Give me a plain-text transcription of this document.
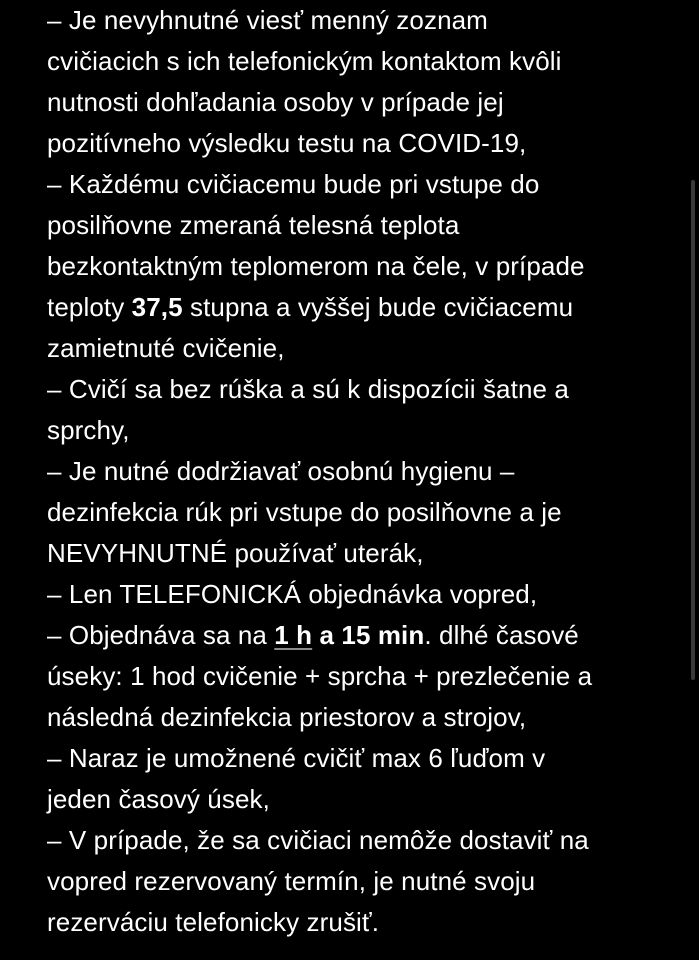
– Je nevyhnutné viesť menný zoznam
cvičiacich s ich telefonickým kontaktom kvôli
nutnosti dohľadania osoby v prípade jej
pozitívneho výsledku testu na COVID-19,
– Každému cvičiacemu bude pri vstupe do
posilňovne zmeraná telesná teplota
bezkontaktným teplomerom na čele, v prípade
teploty 37,5 stupna a vyššej bude cvičiacemu
zamietnuté cvičenie,
– Cvičí sa bez rúška a sú k dispozícii šatne a
sprchy,
– Je nutné dodržiavať osobnú hygienu –
dezinfekcia rúk pri vstupe do posilňovne a je
NEVYHNUTNÉ používať uterák,
– Len TELEFONICKÁ objednávka vopred,
– Objednáva sa na 1 h a 15 min. dlhé časové
úseky: 1 hod cvičenie + sprcha + prezlečenie a
následná dezinfekcia priestorov a strojov,
– Naraz je umožnené cvičiť max 6 ľuďom v
jeden časový úsek,
– V prípade, že sa cvičiaci nemôže dostaviť na
vopred rezervovaný termín, je nutné svoju
rezerváciu telefonicky zrušiť.
